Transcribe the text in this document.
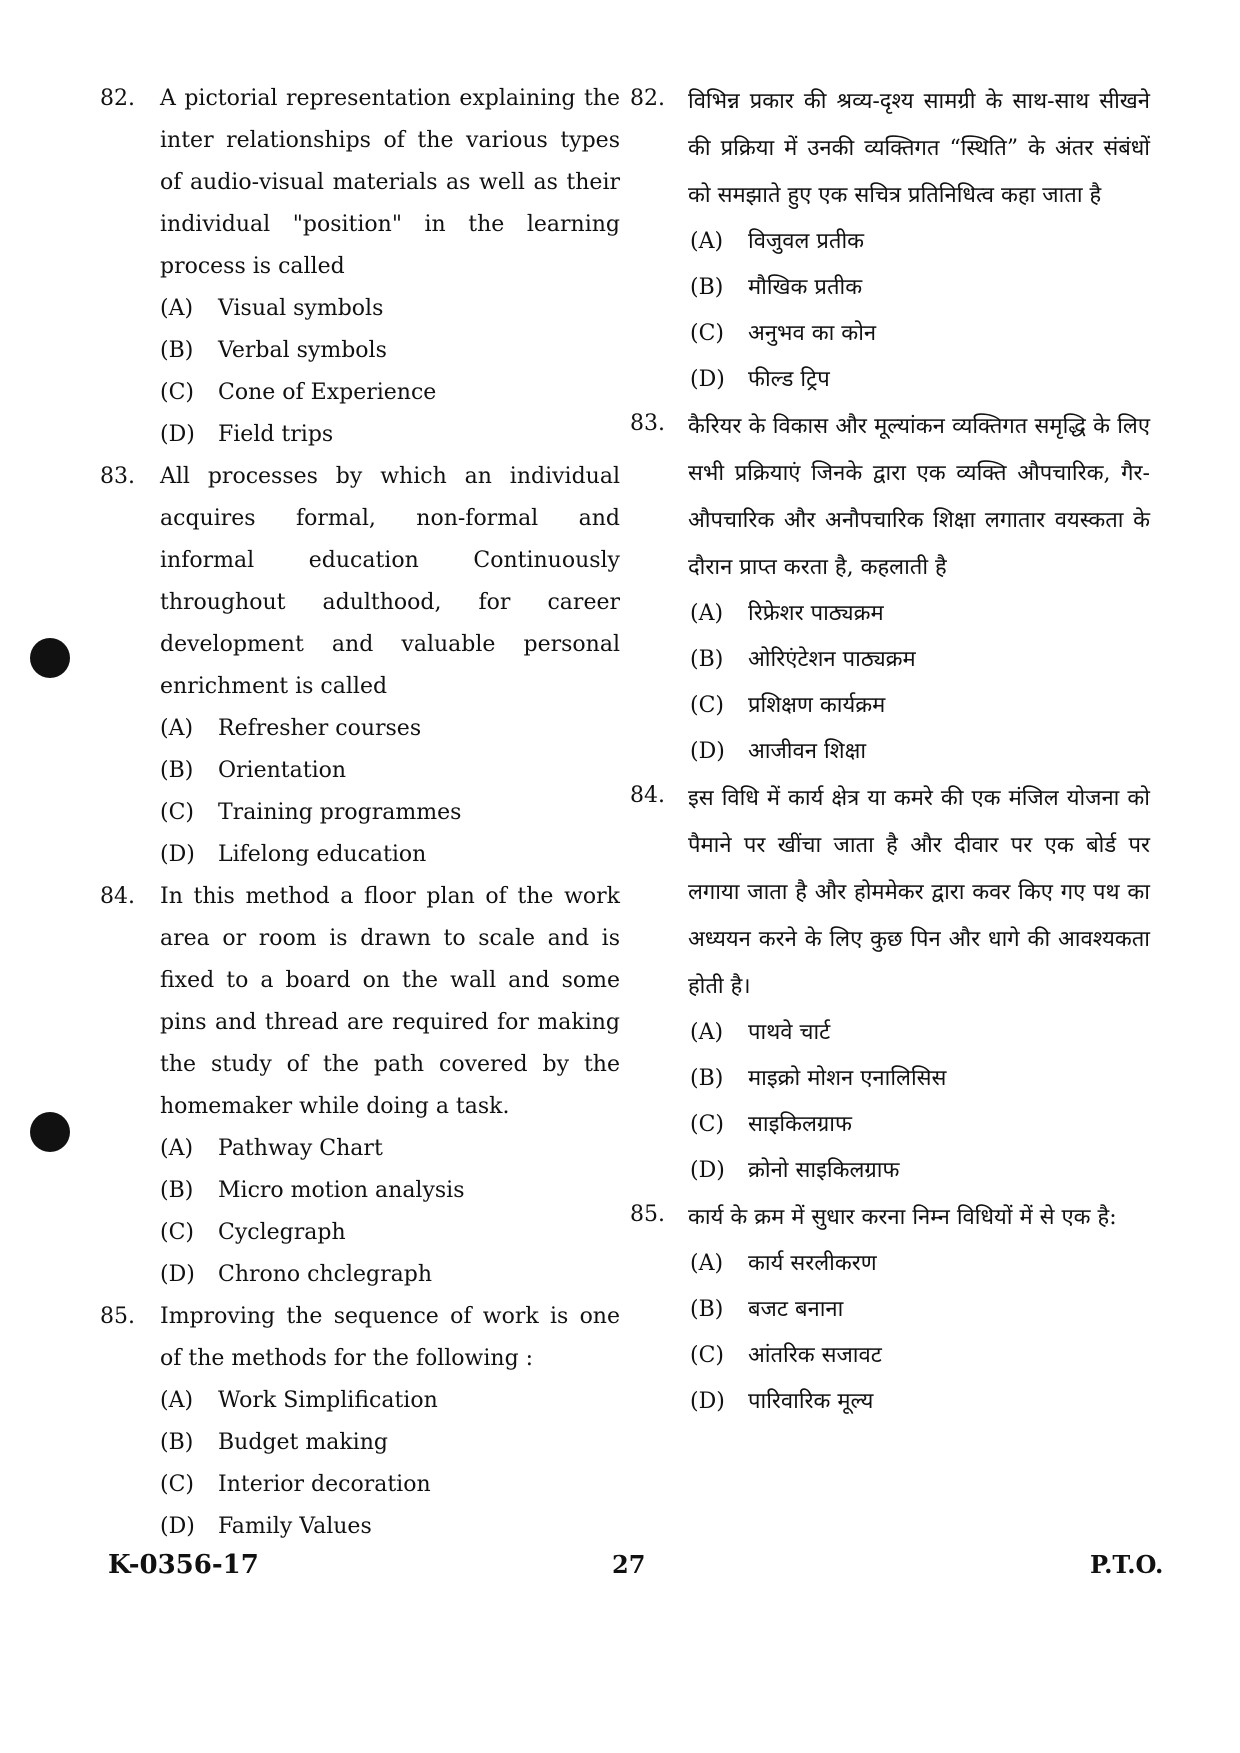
82. A pictorial representation explaining the inter relationships of the various types of audio-visual materials as well as their individual "position" in the learning process is called
(A)	Visual symbols
(B)	Verbal symbols
(C)	Cone of Experience
(D)	Field trips
83. All processes by which an individual acquires formal, non-formal and informal education Continuously throughout adulthood, for career development and valuable personal enrichment is called
(A)	Refresher courses
(B)	Orientation
(C)	Training programmes
(D)	Lifelong education
84. In this method a floor plan of the work area or room is drawn to scale and is fixed to a board on the wall and some pins and thread are required for making the study of the path covered by the homemaker while doing a task.
(A)	Pathway Chart
(B)	Micro motion analysis
(C)	Cyclegraph
(D)	Chrono chclegraph
85. Improving the sequence of work is one of the methods for the following :
(A)	Work Simplification
(B)	Budget making
(C)	Interior decoration
(D)	Family Values
82. विभिन्न प्रकार की श्रव्य-दृश्य सामग्री के साथ-साथ सीखने की प्रक्रिया में उनकी व्यक्तिगत “स्थिति” के अंतर संबंधों को समझाते हुए एक सचित्र प्रतिनिधित्व कहा जाता है
(A)	विजुवल प्रतीक
(B)	मौखिक प्रतीक
(C)	अनुभव का कोन
(D)	फील्ड ट्रिप
83. कैरियर के विकास और मूल्यांकन व्यक्तिगत समृद्धि के लिए सभी प्रक्रियाएं जिनके द्वारा एक व्यक्ति औपचारिक, गैर-औपचारिक और अनौपचारिक शिक्षा लगातार वयस्कता के दौरान प्राप्त करता है, कहलाती है
(A)	रिफ्रेशर पाठ्यक्रम
(B)	ओरिएंटेशन पाठ्यक्रम
(C)	प्रशिक्षण कार्यक्रम
(D)	आजीवन शिक्षा
84. इस विधि में कार्य क्षेत्र या कमरे की एक मंजिल योजना को पैमाने पर खींचा जाता है और दीवार पर एक बोर्ड पर लगाया जाता है और होममेकर द्वारा कवर किए गए पथ का अध्ययन करने के लिए कुछ पिन और धागे की आवश्यकता होती है।
(A)	पाथवे चार्ट
(B)	माइक्रो मोशन एनालिसिस
(C)	साइकिलग्राफ
(D)	क्रोनो साइकिलग्राफ
85. कार्य के क्रम में सुधार करना निम्न विधियों में से एक है:
(A)	कार्य सरलीकरण
(B)	बजट बनाना
(C)	आंतरिक सजावट
(D)	पारिवारिक मूल्य
K-0356-17	27	P.T.O.
